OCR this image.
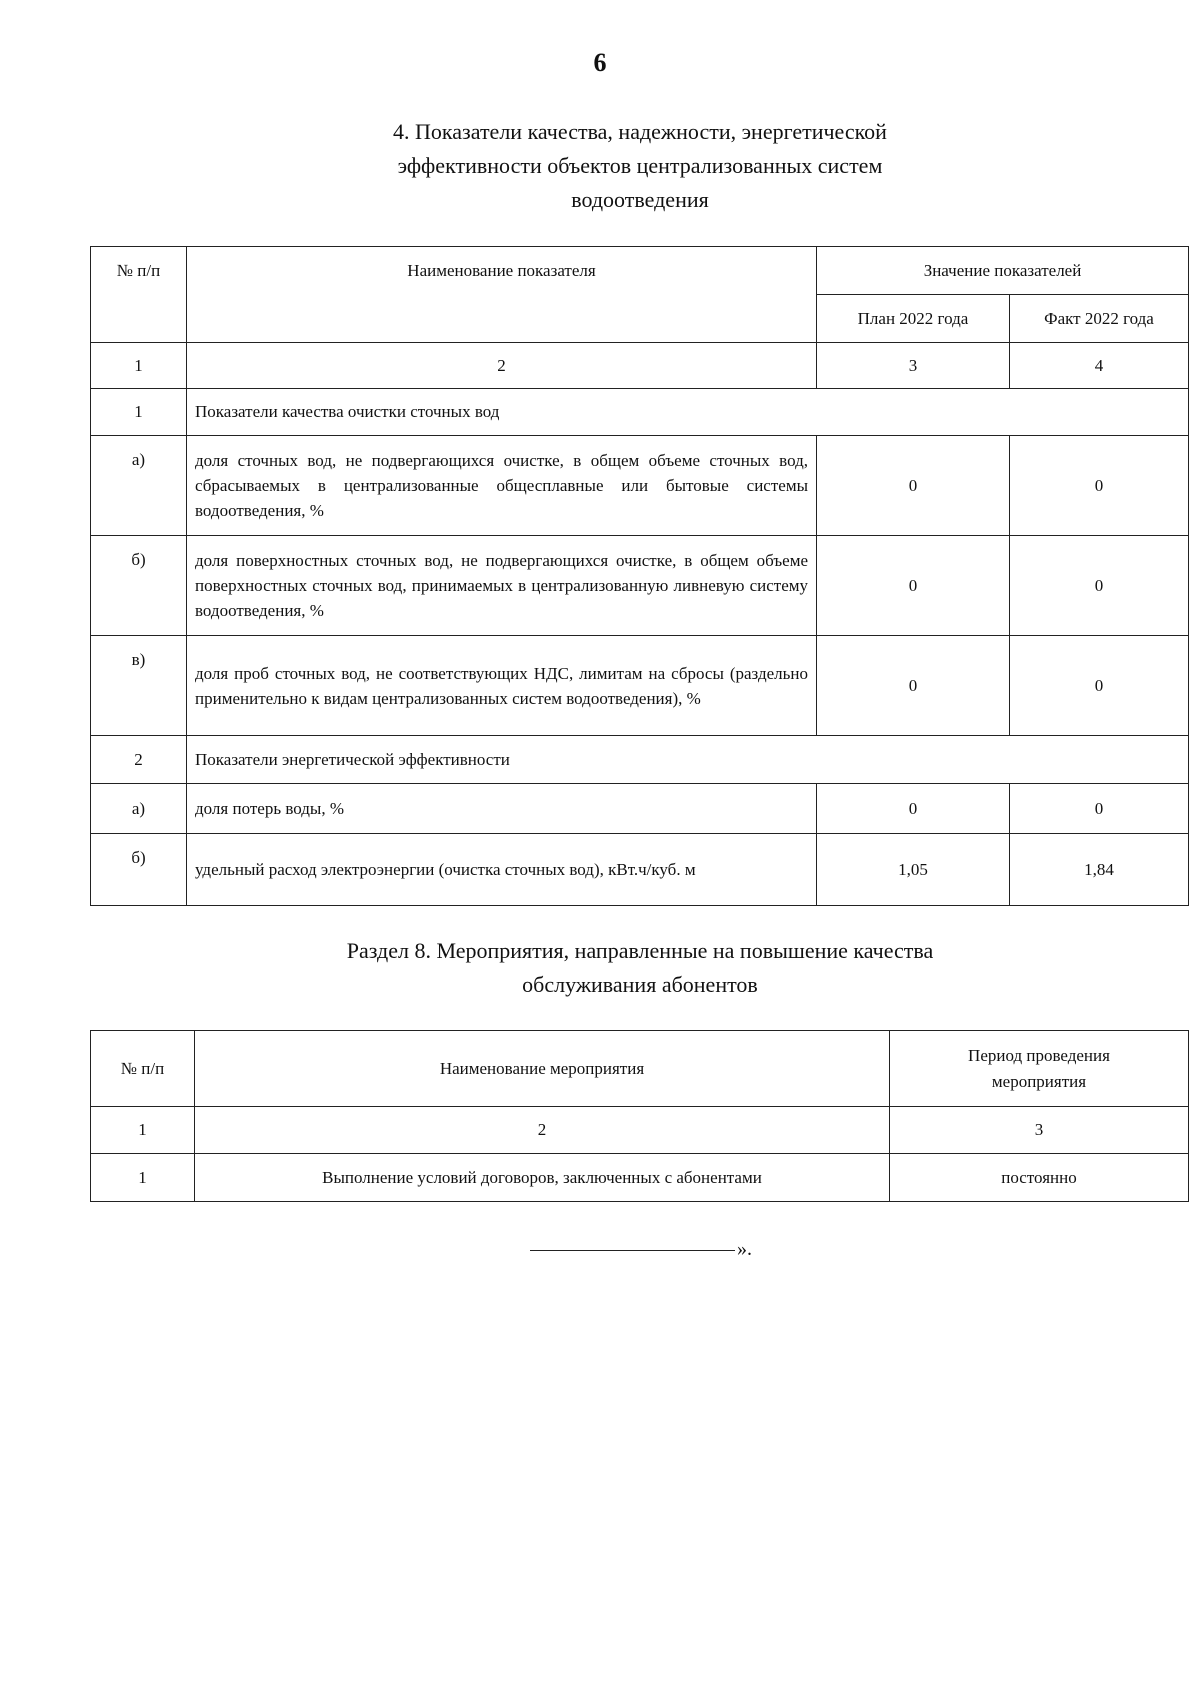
6
4. Показатели качества, надежности, энергетической
эффективности объектов централизованных систем
водоотведения
№ п/п	Наименование показателя	Значение показателей	
		План 2022 года	Факт 2022 года
1	2	3	4
1	Показатели качества очистки сточных вод		
а)	доля сточных вод, не подвергающихся очистке, в общем объеме сточных вод, сбрасываемых в централизованные общесплавные или бытовые системы водоотведения, %	0	0
б)	доля поверхностных сточных вод, не подвергающихся очистке, в общем объеме поверхностных сточных вод, принимаемых в централизованную ливневую систему водоотведения, %	0	0
в)	доля проб сточных вод, не соответствующих НДС, лимитам на сбросы (раздельно применительно к видам централизованных систем водоотведения), %	0	0
2	Показатели энергетической эффективности		
а)	доля потерь воды, %	0	0
б)	удельный расход электроэнергии (очистка сточных вод), кВт.ч/куб. м	1,05	1,84
Раздел 8. Мероприятия, направленные на повышение качества
обслуживания абонентов
№ п/п	Наименование мероприятия	Период проведения
мероприятия
1	2	3
1	Выполнение условий договоров, заключенных с абонентами	постоянно
».
